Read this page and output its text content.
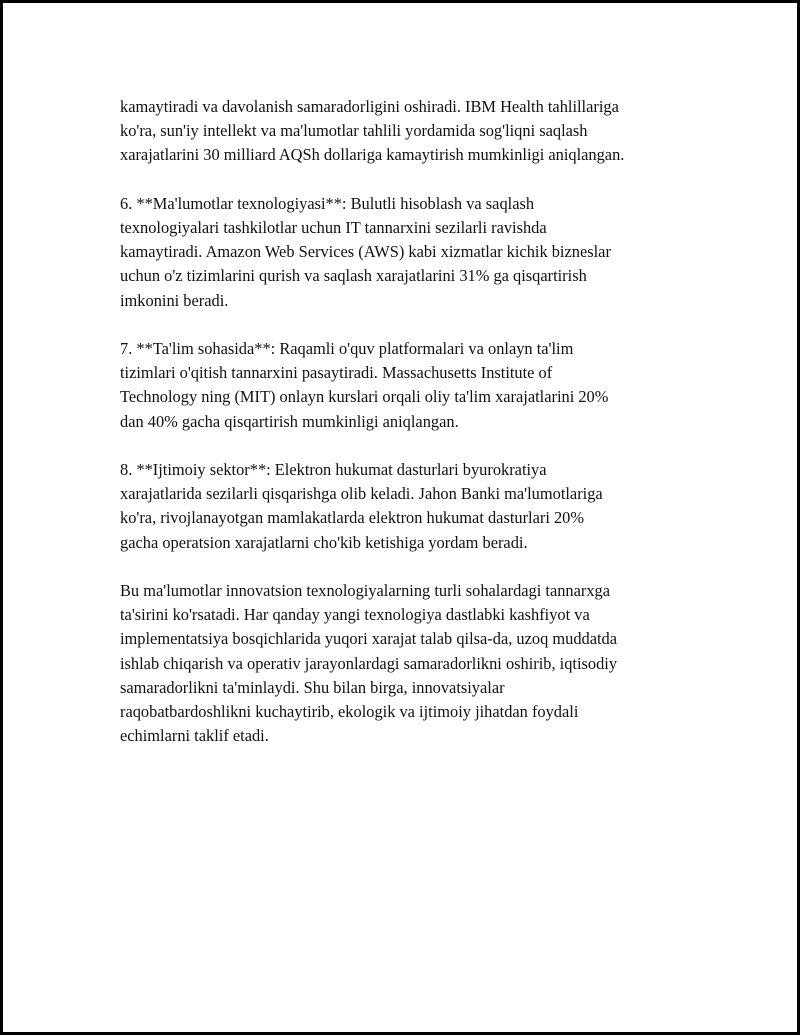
kamaytiradi va davolanish samaradorligini oshiradi. IBM Health tahlillariga
ko'ra, sun'iy intellekt va ma'lumotlar tahlili yordamida sog'liqni saqlash
xarajatlarini 30 milliard AQSh dollariga kamaytirish mumkinligi aniqlangan.

6. **Ma'lumotlar texnologiyasi**: Bulutli hisoblash va saqlash
texnologiyalari tashkilotlar uchun IT tannarxini sezilarli ravishda
kamaytiradi. Amazon Web Services (AWS) kabi xizmatlar kichik bizneslar
uchun o'z tizimlarini qurish va saqlash xarajatlarini 31% ga qisqartirish
imkonini beradi.

7. **Ta'lim sohasida**: Raqamli o'quv platformalari va onlayn ta'lim
tizimlari o'qitish tannarxini pasaytiradi. Massachusetts Institute of
Technology ning (MIT) onlayn kurslari orqali oliy ta'lim xarajatlarini 20%
dan 40% gacha qisqartirish mumkinligi aniqlangan.

8. **Ijtimoiy sektor**: Elektron hukumat dasturlari byurokratiya
xarajatlarida sezilarli qisqarishga olib keladi. Jahon Banki ma'lumotlariga
ko'ra, rivojlanayotgan mamlakatlarda elektron hukumat dasturlari 20%
gacha operatsion xarajatlarni cho'kib ketishiga yordam beradi.

Bu ma'lumotlar innovatsion texnologiyalarning turli sohalardagi tannarxga
ta'sirini ko'rsatadi. Har qanday yangi texnologiya dastlabki kashfiyot va
implementatsiya bosqichlarida yuqori xarajat talab qilsa-da, uzoq muddatda
ishlab chiqarish va operativ jarayonlardagi samaradorlikni oshirib, iqtisodiy
samaradorlikni ta'minlaydi. Shu bilan birga, innovatsiyalar
raqobatbardoshlikni kuchaytirib, ekologik va ijtimoiy jihatdan foydali
echimlarni taklif etadi.
